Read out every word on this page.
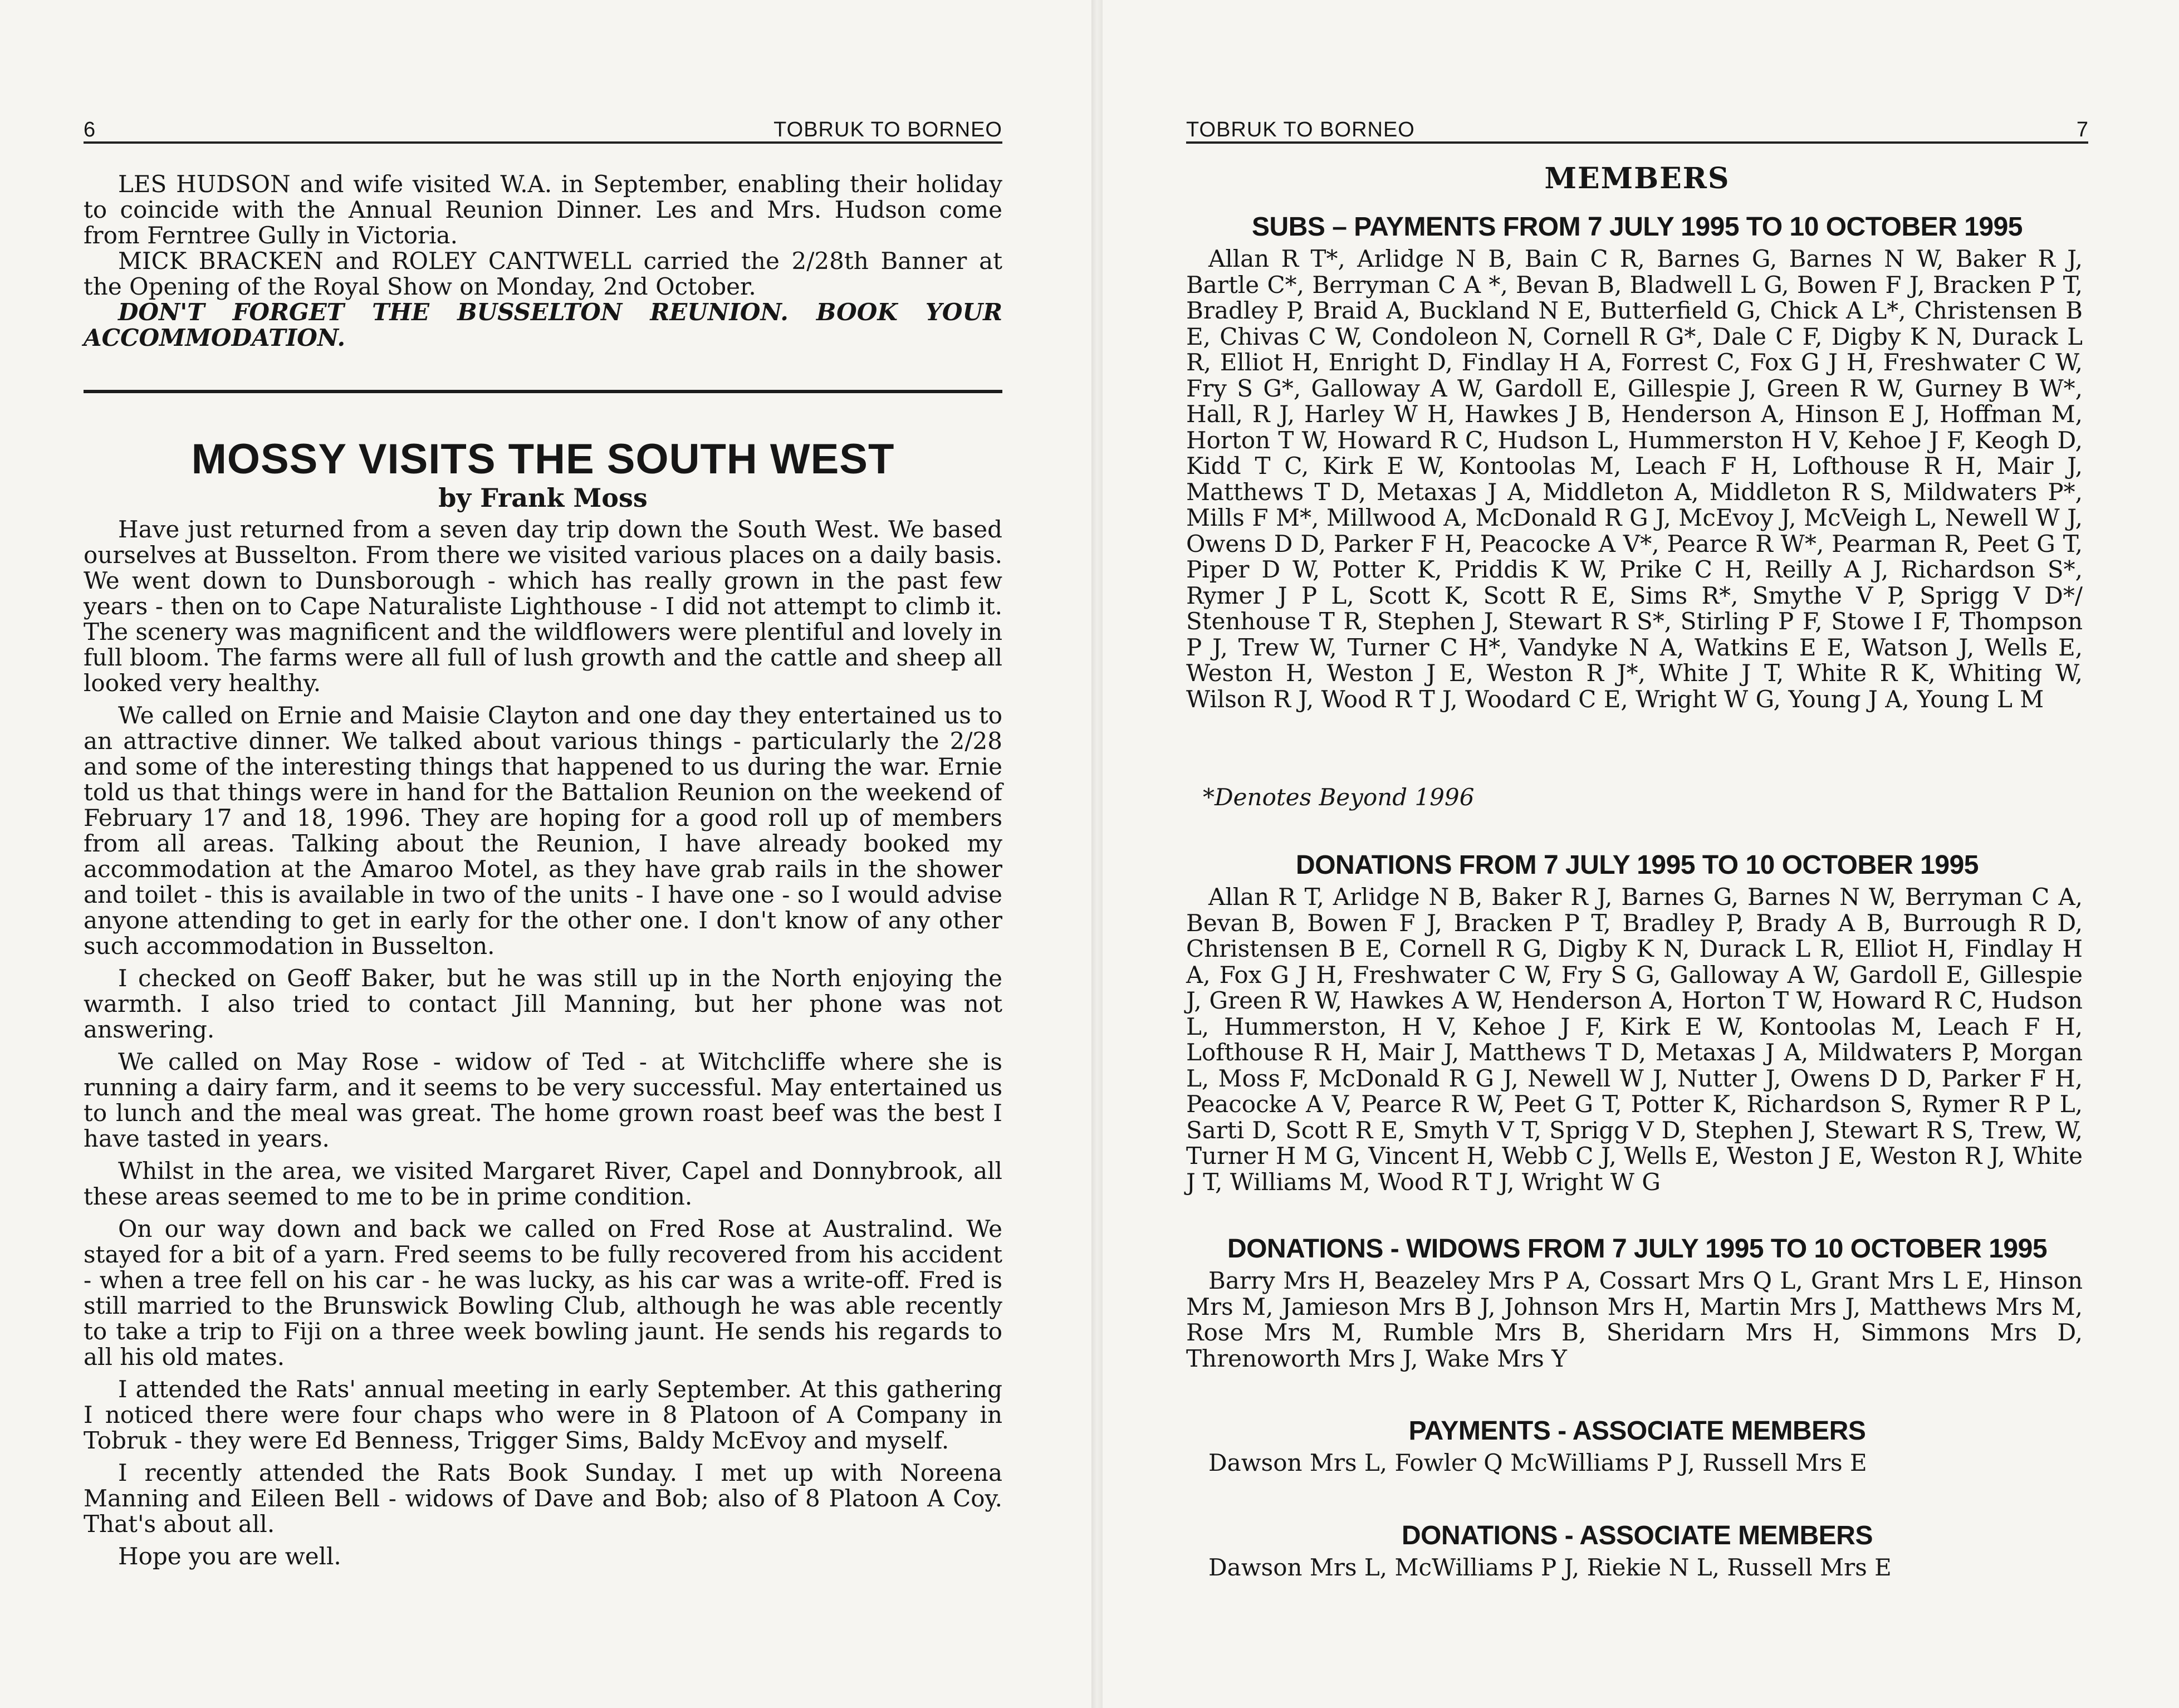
6	TOBRUK TO BORNEO

LES HUDSON and wife visited W.A. in September, enabling their holiday to coincide with the Annual Reunion Dinner. Les and Mrs. Hudson come from Ferntree Gully in Victoria.

MICK BRACKEN and ROLEY CANTWELL carried the 2/28th Banner at the Opening of the Royal Show on Monday, 2nd October.

DON'T FORGET THE BUSSELTON REUNION. BOOK YOUR ACCOMMODATION.

MOSSY VISITS THE SOUTH WEST
by Frank Moss

Have just returned from a seven day trip down the South West. We based ourselves at Busselton. From there we visited various places on a daily basis. We went down to Dunsborough - which has really grown in the past few years - then on to Cape Naturaliste Lighthouse - I did not attempt to climb it. The scenery was magnificent and the wildflowers were plentiful and lovely in full bloom. The farms were all full of lush growth and the cattle and sheep all looked very healthy.

We called on Ernie and Maisie Clayton and one day they entertained us to an attractive dinner. We talked about various things - particularly the 2/28 and some of the interesting things that happened to us during the war. Ernie told us that things were in hand for the Battalion Reunion on the weekend of February 17 and 18, 1996. They are hoping for a good roll up of members from all areas. Talking about the Reunion, I have already booked my accommodation at the Amaroo Motel, as they have grab rails in the shower and toilet - this is available in two of the units - I have one - so I would advise anyone attending to get in early for the other one. I don't know of any other such accommodation in Busselton.

I checked on Geoff Baker, but he was still up in the North enjoying the warmth. I also tried to contact Jill Manning, but her phone was not answering.

We called on May Rose - widow of Ted - at Witchcliffe where she is running a dairy farm, and it seems to be very successful. May entertained us to lunch and the meal was great. The home grown roast beef was the best I have tasted in years.

Whilst in the area, we visited Margaret River, Capel and Donnybrook, all these areas seemed to me to be in prime condition.

On our way down and back we called on Fred Rose at Australind. We stayed for a bit of a yarn. Fred seems to be fully recovered from his accident - when a tree fell on his car - he was lucky, as his car was a write-off. Fred is still married to the Brunswick Bowling Club, although he was able recently to take a trip to Fiji on a three week bowling jaunt. He sends his regards to all his old mates.

I attended the Rats' annual meeting in early September. At this gathering I noticed there were four chaps who were in 8 Platoon of A Company in Tobruk - they were Ed Benness, Trigger Sims, Baldy McEvoy and myself.

I recently attended the Rats Book Sunday. I met up with Noreena Manning and Eileen Bell - widows of Dave and Bob; also of 8 Platoon A Coy. That's about all.

Hope you are well.

TOBRUK TO BORNEO	7
MEMBERS
SUBS – PAYMENTS FROM 7 JULY 1995 TO 10 OCTOBER 1995
Allan R T*, Arlidge N B, Bain C R, Barnes G, Barnes N W, Baker R J, Bartle C*, Berryman C A *, Bevan B, Bladwell L G, Bowen F J, Bracken P T, Bradley P, Braid A, Buckland N E, Butterfield G, Chick A L*, Christensen B E, Chivas C W, Condoleon N, Cornell R G*, Dale C F, Digby K N, Durack L R, Elliot H, Enright D, Findlay H A, Forrest C, Fox G J H, Freshwater C W, Fry S G*, Galloway A W, Gardoll E, Gillespie J, Green R W, Gurney B W*, Hall, R J, Harley W H, Hawkes J B, Henderson A, Hinson E J, Hoffman M, Horton T W, Howard R C, Hudson L, Hummerston H V, Kehoe J F, Keogh D, Kidd T C, Kirk E W, Kontoolas M, Leach F H, Lofthouse R H, Mair J, Matthews T D, Metaxas J A, Middleton A, Middleton R S, Mildwaters P*, Mills F M*, Millwood A, McDonald R G J, McEvoy J, McVeigh L, Newell W J, Owens D D, Parker F H, Peacocke A V*, Pearce R W*, Pearman R, Peet G T, Piper D W, Potter K, Priddis K W, Prike C H, Reilly A J, Richardson S*, Rymer J P L, Scott K, Scott R E, Sims R*, Smythe V P, Sprigg V D*/ Stenhouse T R, Stephen J, Stewart R S*, Stirling P F, Stowe I F, Thompson P J, Trew W, Turner C H*, Vandyke N A, Watkins E E, Watson J, Wells E, Weston H, Weston J E, Weston R J*, White J T, White R K, Whiting W, Wilson R J, Wood R T J, Woodard C E, Wright W G, Young J A, Young L M
*Denotes Beyond 1996
DONATIONS FROM 7 JULY 1995 TO 10 OCTOBER 1995
Allan R T, Arlidge N B, Baker R J, Barnes G, Barnes N W, Berryman C A, Bevan B, Bowen F J, Bracken P T, Bradley P, Brady A B, Burrough R D, Christensen B E, Cornell R G, Digby K N, Durack L R, Elliot H, Findlay H A, Fox G J H, Freshwater C W, Fry S G, Galloway A W, Gardoll E, Gillespie J, Green R W, Hawkes A W, Henderson A, Horton T W, Howard R C, Hudson L, Hummerston, H V, Kehoe J F, Kirk E W, Kontoolas M, Leach F H, Lofthouse R H, Mair J, Matthews T D, Metaxas J A, Mildwaters P, Morgan L, Moss F, McDonald R G J, Newell W J, Nutter J, Owens D D, Parker F H, Peacocke A V, Pearce R W, Peet G T, Potter K, Richardson S, Rymer R P L, Sarti D, Scott R E, Smyth V T, Sprigg V D, Stephen J, Stewart R S, Trew, W, Turner H M G, Vincent H, Webb C J, Wells E, Weston J E, Weston R J, White J T, Williams M, Wood R T J, Wright W G
DONATIONS - WIDOWS FROM 7 JULY 1995 TO 10 OCTOBER 1995
Barry Mrs H, Beazeley Mrs P A, Cossart Mrs Q L, Grant Mrs L E, Hinson Mrs M, Jamieson Mrs B J, Johnson Mrs H, Martin Mrs J, Matthews Mrs M, Rose Mrs M, Rumble Mrs B, Sheridarn Mrs H, Simmons Mrs D, Threnoworth Mrs J, Wake Mrs Y
PAYMENTS - ASSOCIATE MEMBERS
Dawson Mrs L, Fowler Q McWilliams P J, Russell Mrs E
DONATIONS - ASSOCIATE MEMBERS
Dawson Mrs L, McWilliams P J, Riekie N L, Russell Mrs E
